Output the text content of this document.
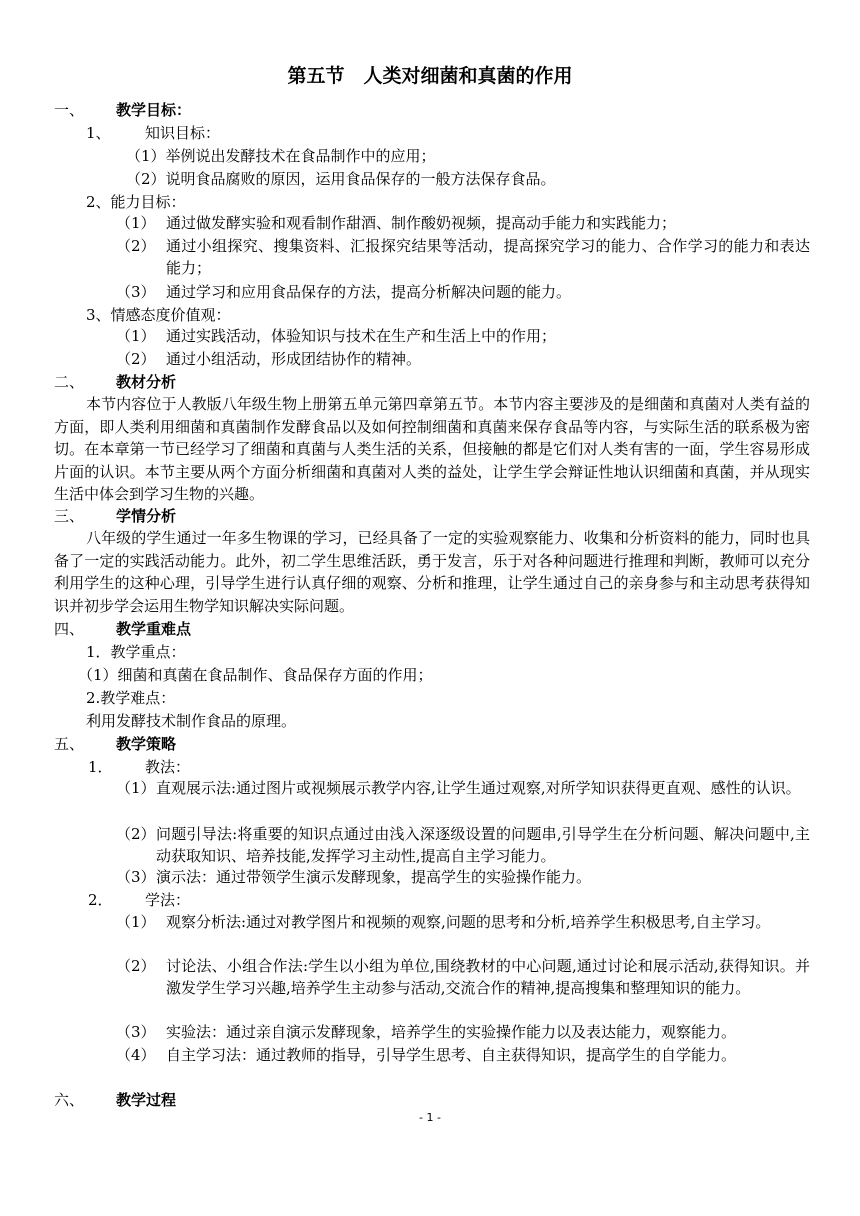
第五节　人类对细菌和真菌的作用
一、	教学目标：
1、 知识目标：
（1）举例说出发酵技术在食品制作中的应用；
（2）说明食品腐败的原因，运用食品保存的一般方法保存食品。
2、能力目标：
（1） 通过做发酵实验和观看制作甜酒、制作酸奶视频，提高动手能力和实践能力；
（2） 通过小组探究、搜集资料、汇报探究结果等活动，提高探究学习的能力、合作学习的能力和表达能力；
（3） 通过学习和应用食品保存的方法，提高分析解决问题的能力。
3、情感态度价值观：
（1） 通过实践活动，体验知识与技术在生产和生活上中的作用；
（2） 通过小组活动，形成团结协作的精神。
二、	教材分析
本节内容位于人教版八年级生物上册第五单元第四章第五节。本节内容主要涉及的是细菌和真菌对人类有益的方面，即人类利用细菌和真菌制作发酵食品以及如何控制细菌和真菌来保存食品等内容，与实际生活的联系极为密切。在本章第一节已经学习了细菌和真菌与人类生活的关系，但接触的都是它们对人类有害的一面，学生容易形成片面的认识。本节主要从两个方面分析细菌和真菌对人类的益处，让学生学会辩证性地认识细菌和真菌，并从现实生活中体会到学习生物的兴趣。
三、	学情分析
八年级的学生通过一年多生物课的学习，已经具备了一定的实验观察能力、收集和分析资料的能力，同时也具备了一定的实践活动能力。此外，初二学生思维活跃，勇于发言，乐于对各种问题进行推理和判断，教师可以充分利用学生的这种心理，引导学生进行认真仔细的观察、分析和推理，让学生通过自己的亲身参与和主动思考获得知识并初步学会运用生物学知识解决实际问题。
四、	教学重难点
1．教学重点：
（1）细菌和真菌在食品制作、食品保存方面的作用；
2.教学难点：
利用发酵技术制作食品的原理。
五、	教学策略
1． 教法：
（1） 直观展示法:通过图片或视频展示教学内容,让学生通过观察,对所学知识获得更直观、感性的认识。
（2） 问题引导法:将重要的知识点通过由浅入深逐级设置的问题串,引导学生在分析问题、解决问题中,主动获取知识、培养技能,发挥学习主动性,提高自主学习能力。
（3） 演示法：通过带领学生演示发酵现象，提高学生的实验操作能力。
2． 学法：
（1） 观察分析法:通过对教学图片和视频的观察,问题的思考和分析,培养学生积极思考,自主学习。
（2） 讨论法、小组合作法:学生以小组为单位,围绕教材的中心问题,通过讨论和展示活动,获得知识。并激发学生学习兴趣,培养学生主动参与活动,交流合作的精神,提高搜集和整理知识的能力。
（3） 实验法：通过亲自演示发酵现象，培养学生的实验操作能力以及表达能力，观察能力。
（4） 自主学习法：通过教师的指导，引导学生思考、自主获得知识，提高学生的自学能力。
六、	教学过程
- 1 -
